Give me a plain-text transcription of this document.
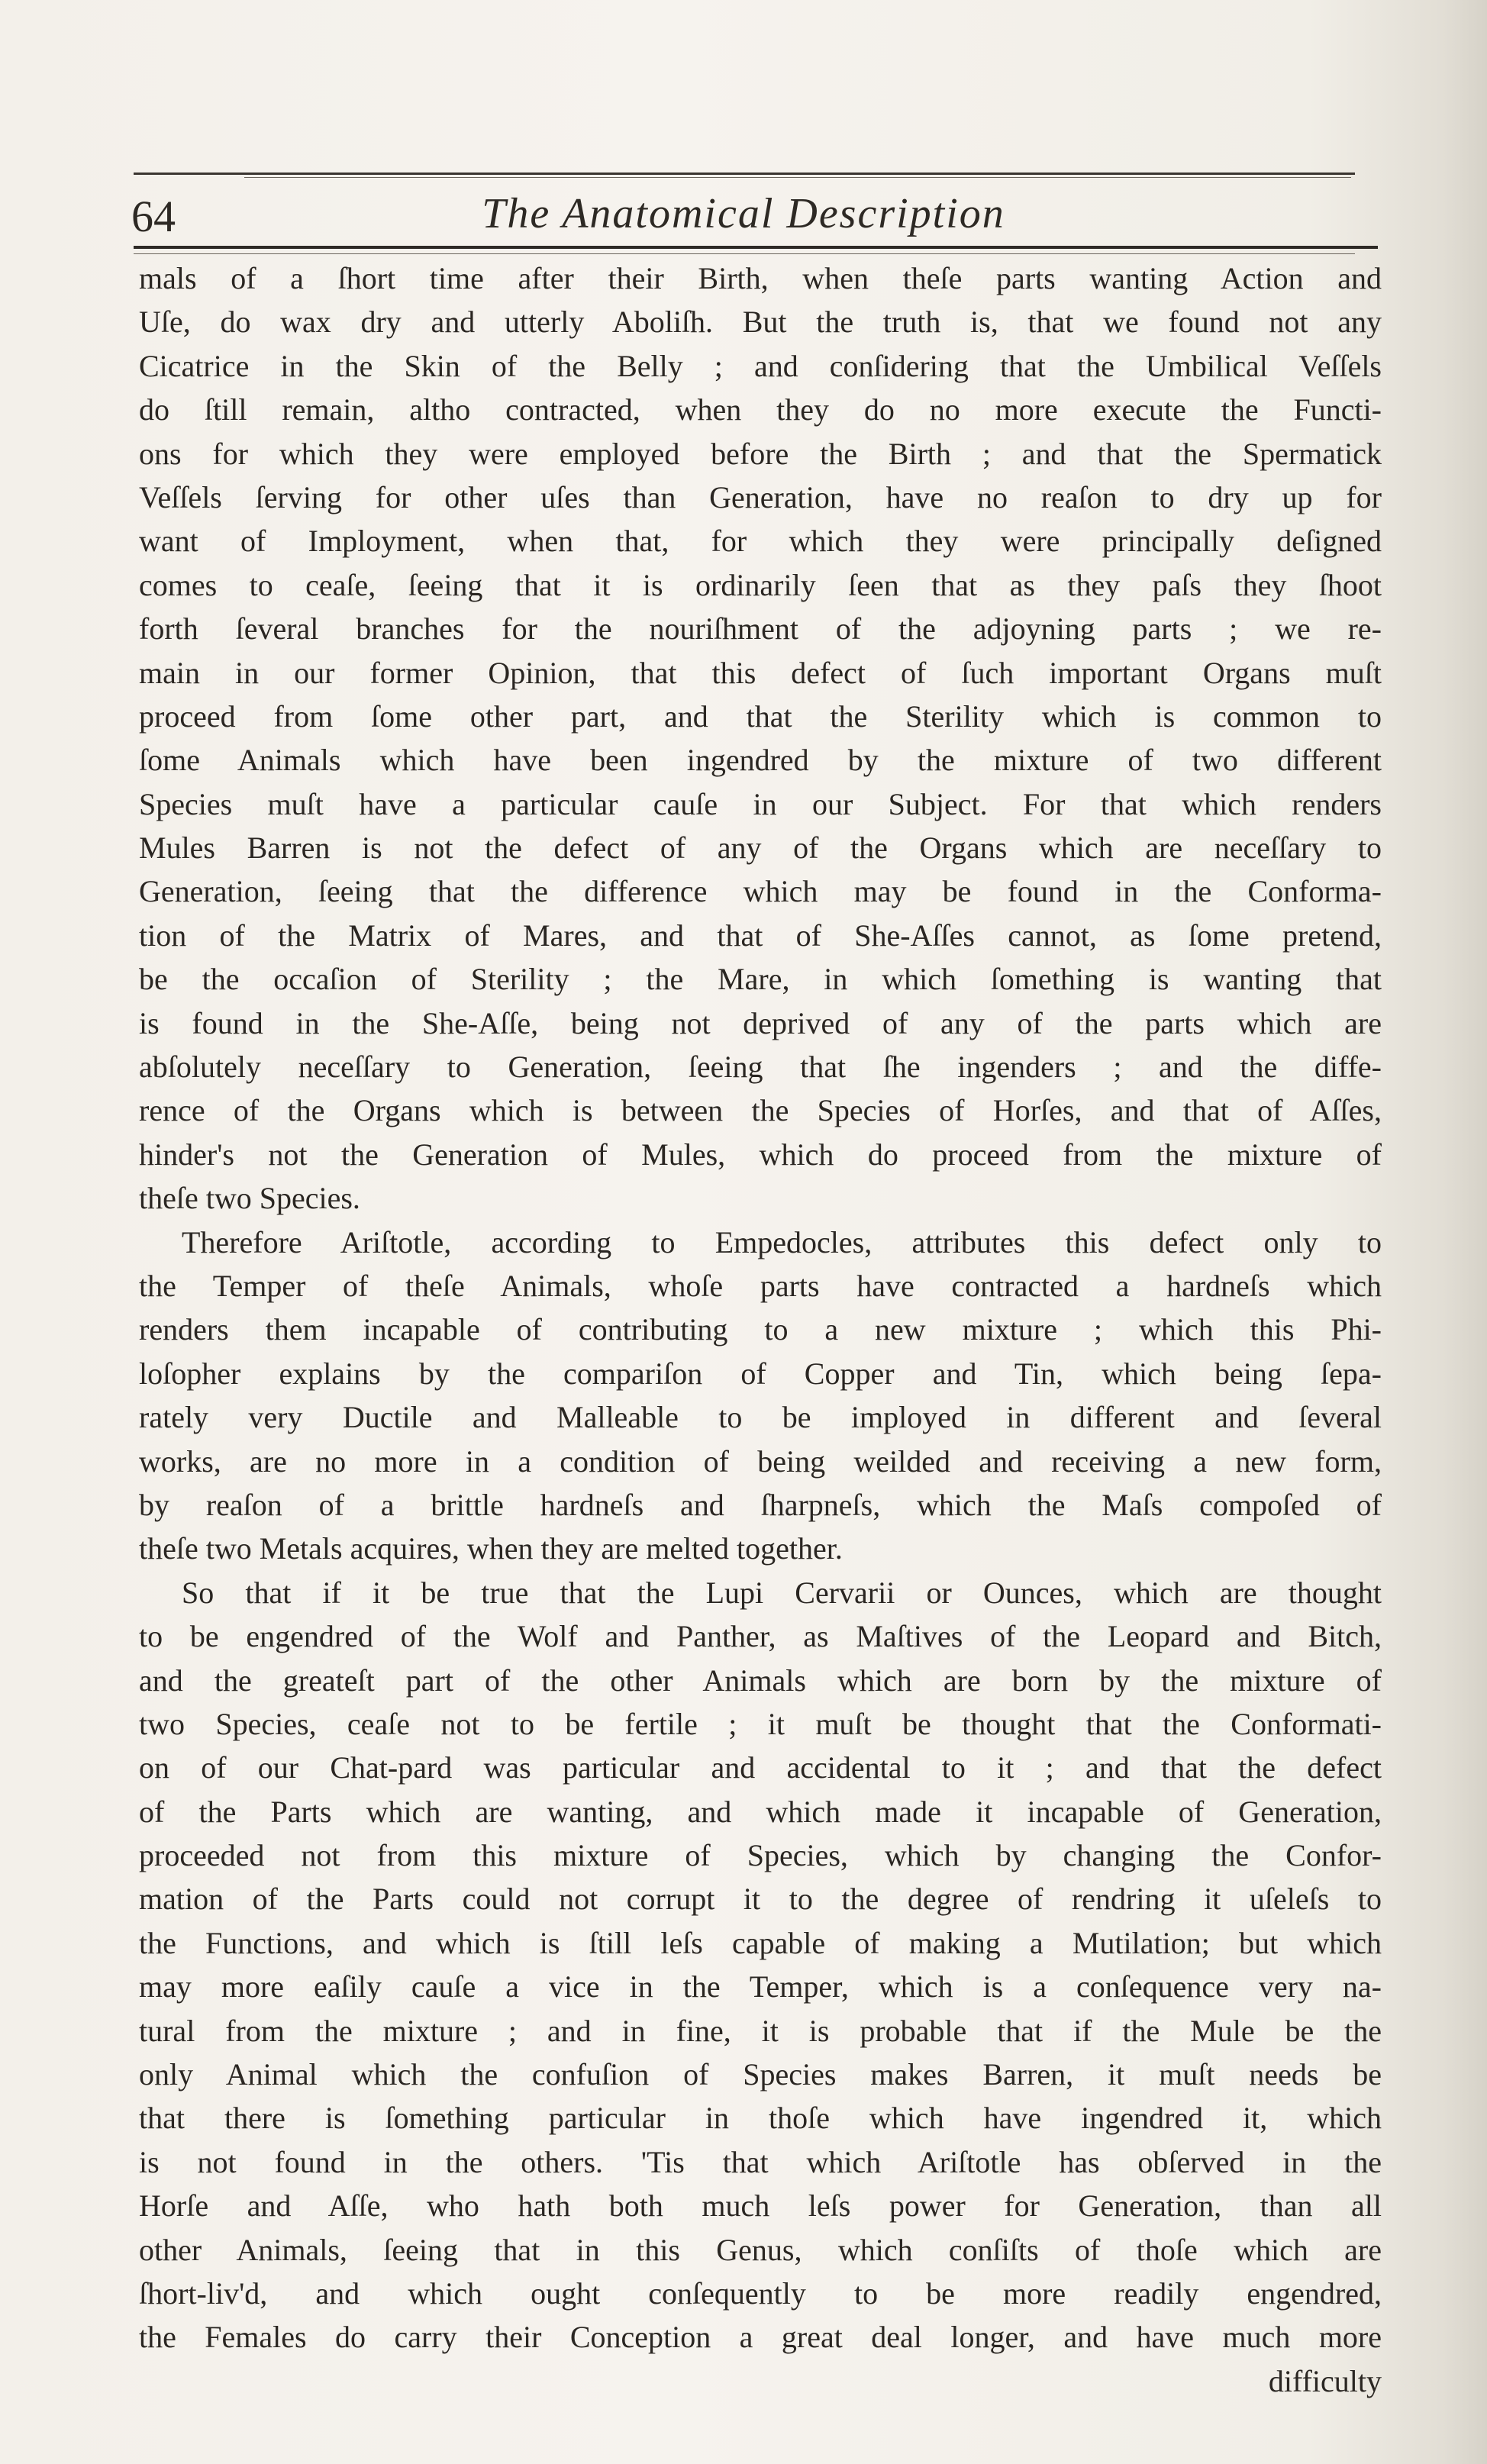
64	The Anatomical Description
mals of a ſhort time after their Birth, when theſe parts wanting Action and
Uſe, do wax dry and utterly Aboliſh. But the truth is, that we found not any
Cicatrice in the Skin of the Belly ; and conſidering that the Umbilical Veſſels
do ſtill remain, altho contracted, when they do no more execute the Functi-
ons for which they were employed before the Birth ; and that the Spermatick
Veſſels ſerving for other uſes than Generation, have no reaſon to dry up for
want of Imployment, when that, for which they were principally deſigned
comes to ceaſe, ſeeing that it is ordinarily ſeen that as they paſs they ſhoot
forth ſeveral branches for the nouriſhment of the adjoyning parts ; we re-
main in our former Opinion, that this defect of ſuch important Organs muſt
proceed from ſome other part, and that the Sterility which is common to
ſome Animals which have been ingendred by the mixture of two different
Species muſt have a particular cauſe in our Subject. For that which renders
Mules Barren is not the defect of any of the Organs which are neceſſary to
Generation, ſeeing that the difference which may be found in the Conforma-
tion of the Matrix of Mares, and that of She-Aſſes cannot, as ſome pretend,
be the occaſion of Sterility ; the Mare, in which ſomething is wanting that
is found in the She-Aſſe, being not deprived of any of the parts which are
abſolutely neceſſary to Generation, ſeeing that ſhe ingenders ; and the diffe-
rence of the Organs which is between the Species of Horſes, and that of Aſſes,
hinder's not the Generation of Mules, which do proceed from the mixture of
theſe two Species.
Therefore Ariſtotle, according to Empedocles, attributes this defect only to
the Temper of theſe Animals, whoſe parts have contracted a hardneſs which
renders them incapable of contributing to a new mixture ; which this Phi-
loſopher explains by the compariſon of Copper and Tin, which being ſepa-
rately very Ductile and Malleable to be imployed in different and ſeveral
works, are no more in a condition of being weilded and receiving a new form,
by reaſon of a brittle hardneſs and ſharpneſs, which the Maſs compoſed of
theſe two Metals acquires, when they are melted together.
So that if it be true that the Lupi Cervarii or Ounces, which are thought
to be engendred of the Wolf and Panther, as Maſtives of the Leopard and Bitch,
and the greateſt part of the other Animals which are born by the mixture of
two Species, ceaſe not to be fertile ; it muſt be thought that the Conformati-
on of our Chat-pard was particular and accidental to it ; and that the defect
of the Parts which are wanting, and which made it incapable of Generation,
proceeded not from this mixture of Species, which by changing the Confor-
mation of the Parts could not corrupt it to the degree of rendring it uſeleſs to
the Functions, and which is ſtill leſs capable of making a Mutilation; but which
may more eaſily cauſe a vice in the Temper, which is a conſequence very na-
tural from the mixture ; and in fine, it is probable that if the Mule be the
only Animal which the confuſion of Species makes Barren, it muſt needs be
that there is ſomething particular in thoſe which have ingendred it, which
is not found in the others. 'Tis that which Ariſtotle has obſerved in the
Horſe and Aſſe, who hath both much leſs power for Generation, than all
other Animals, ſeeing that in this Genus, which conſiſts of thoſe which are
ſhort-liv'd, and which ought conſequently to be more readily engendred,
the Females do carry their Conception a great deal longer, and have much more
difficulty
